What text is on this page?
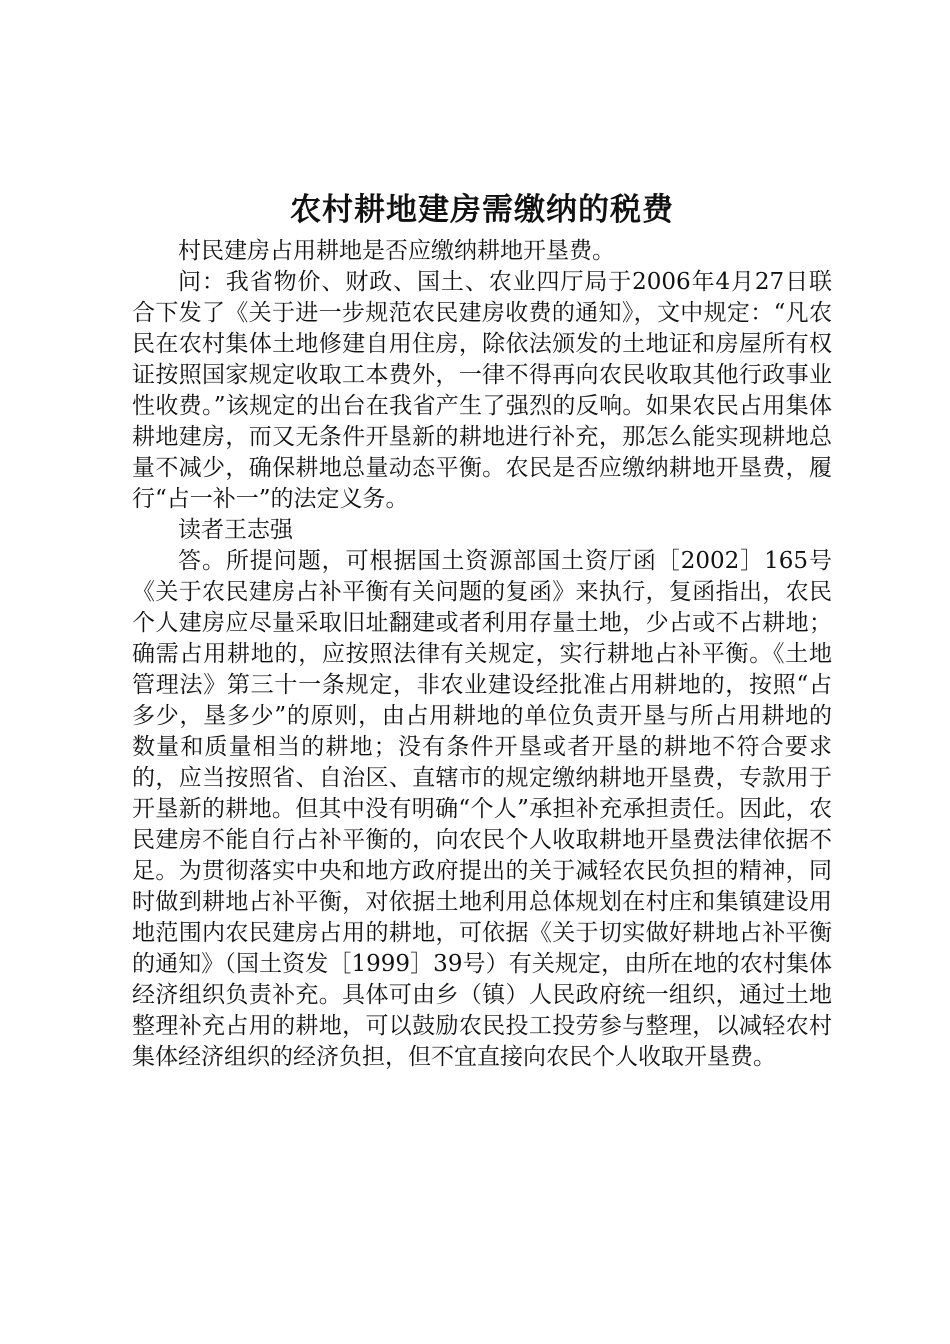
农村耕地建房需缴纳的税费

村民建房占用耕地是否应缴纳耕地开垦费。

问：我省物价、财政、国土、农业四厅局于2006年4月27日联合下发了《关于进一步规范农民建房收费的通知》，文中规定：“凡农民在农村集体土地修建自用住房，除依法颁发的土地证和房屋所有权证按照国家规定收取工本费外，一律不得再向农民收取其他行政事业性收费。”该规定的出台在我省产生了强烈的反响。如果农民占用集体耕地建房，而又无条件开垦新的耕地进行补充，那怎么能实现耕地总量不减少，确保耕地总量动态平衡。农民是否应缴纳耕地开垦费，履行“占一补一”的法定义务。

读者王志强

答。所提问题，可根据国土资源部国土资厅函［2002］165号《关于农民建房占补平衡有关问题的复函》来执行，复函指出，农民个人建房应尽量采取旧址翻建或者利用存量土地，少占或不占耕地；确需占用耕地的，应按照法律有关规定，实行耕地占补平衡。《土地管理法》第三十一条规定，非农业建设经批准占用耕地的，按照“占多少，垦多少”的原则，由占用耕地的单位负责开垦与所占用耕地的数量和质量相当的耕地；没有条件开垦或者开垦的耕地不符合要求的，应当按照省、自治区、直辖市的规定缴纳耕地开垦费，专款用于开垦新的耕地。但其中没有明确“个人”承担补充承担责任。因此，农民建房不能自行占补平衡的，向农民个人收取耕地开垦费法律依据不足。为贯彻落实中央和地方政府提出的关于减轻农民负担的精神，同时做到耕地占补平衡，对依据土地利用总体规划在村庄和集镇建设用地范围内农民建房占用的耕地，可依据《关于切实做好耕地占补平衡的通知》（国土资发［1999］39号）有关规定，由所在地的农村集体经济组织负责补充。具体可由乡（镇）人民政府统一组织，通过土地整理补充占用的耕地，可以鼓励农民投工投劳参与整理，以减轻农村集体经济组织的经济负担，但不宜直接向农民个人收取开垦费。
